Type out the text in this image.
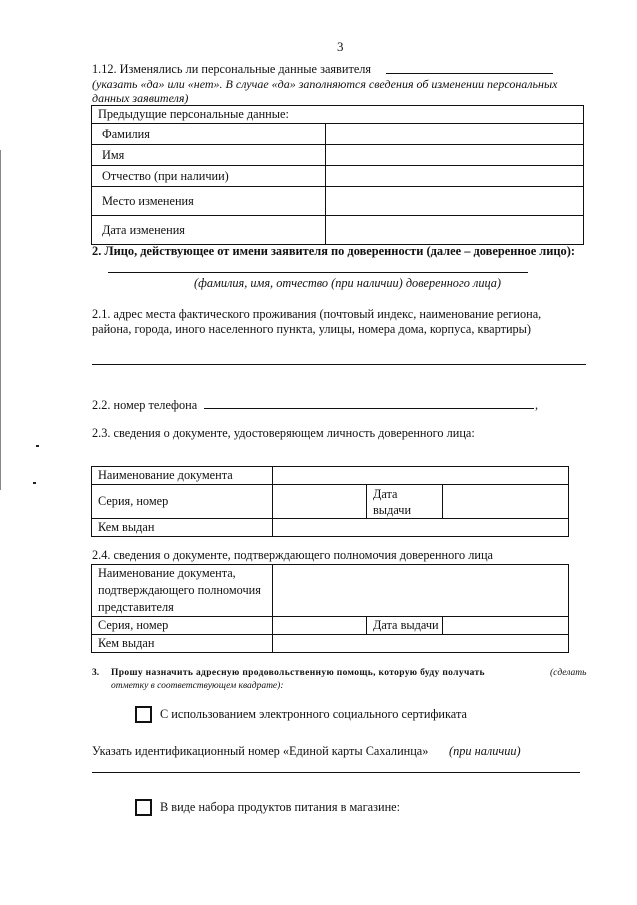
3
1.12. Изменялись ли персональные данные заявителя
(указать «да» или «нет». В случае «да» заполняются сведения об изменении персональных
данных заявителя)
Предыдущие персональные данные:	
Фамилия	
Имя	
Отчество (при наличии)	
Место изменения	
Дата изменения	
2. Лицо, действующее от имени заявителя по доверенности (далее – доверенное лицо):
(фамилия, имя, отчество (при наличии) доверенного лица)
2.1. адрес места фактического проживания (почтовый индекс, наименование региона,
района, города, иного населенного пункта, улицы, номера дома, корпуса, квартиры)
2.2. номер телефона	,
2.3. сведения о документе, удостоверяющем личность доверенного лица:
Наименование документа			
Серия, номер		Дата
выдачи	
Кем выдан			
2.4. сведения о документе, подтверждающего полномочия доверенного лица
Наименование документа,
подтверждающего полномочия
представителя			
Серия, номер		Дата выдачи	
Кем выдан			
3. Прошу назначить адресную продовольственную помощь, которую буду получать	(сделать
отметку в соответствующем квадрате):
С использованием электронного социального сертификата
Указать идентификационный номер «Единой карты Сахалинца» (при наличии)
В виде набора продуктов питания в магазине:
